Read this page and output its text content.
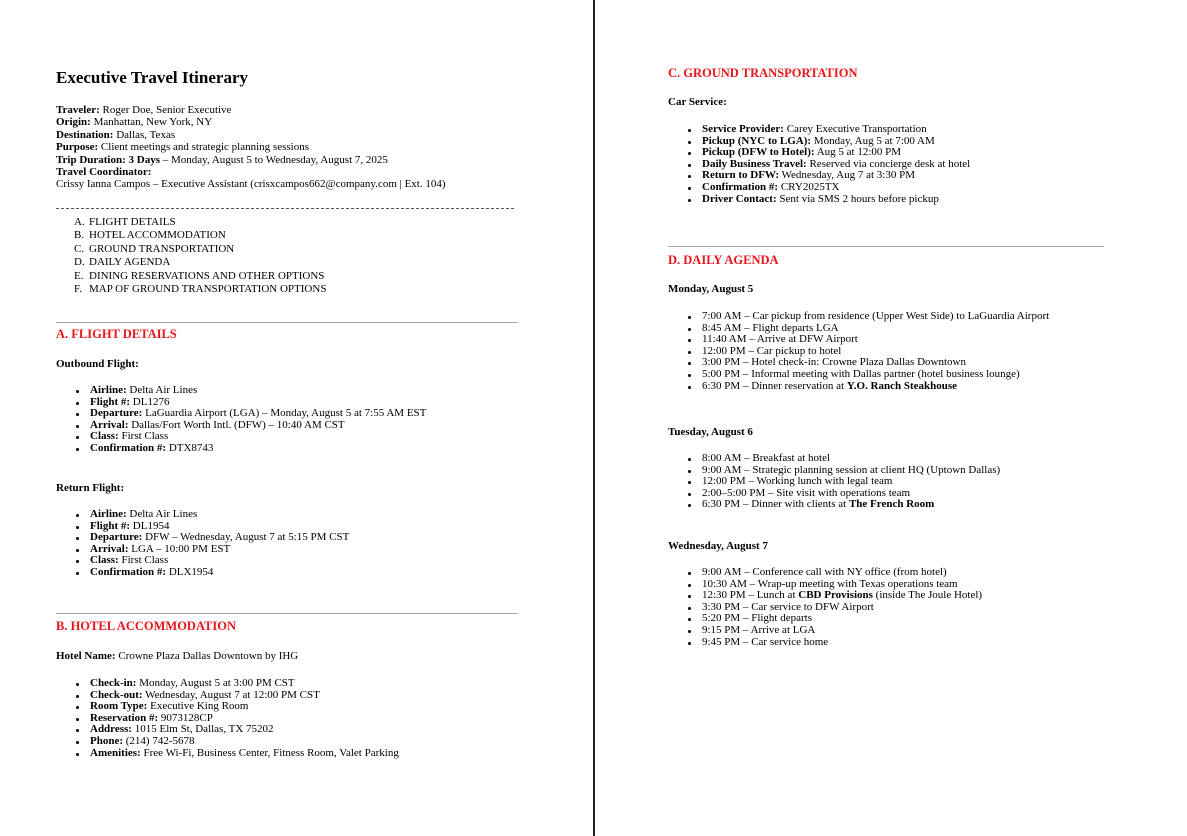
Executive Travel Itinerary
Traveler: Roger Doe, Senior Executive
Origin: Manhattan, New York, NY
Destination: Dallas, Texas
Purpose: Client meetings and strategic planning sessions
Trip Duration: 3 Days – Monday, August 5 to Wednesday, August 7, 2025
Travel Coordinator:
Crissy Ianna Campos – Executive Assistant (crisxcampos662@company.com | Ext. 104)
A. FLIGHT DETAILS
B. HOTEL ACCOMMODATION
C. GROUND TRANSPORTATION
D. DAILY AGENDA
E. DINING RESERVATIONS AND OTHER OPTIONS
F. MAP OF GROUND TRANSPORTATION OPTIONS
A. FLIGHT DETAILS
Outbound Flight:
Airline: Delta Air Lines
Flight #: DL1276
Departure: LaGuardia Airport (LGA) – Monday, August 5 at 7:55 AM EST
Arrival: Dallas/Fort Worth Intl. (DFW) – 10:40 AM CST
Class: First Class
Confirmation #: DTX8743
Return Flight:
Airline: Delta Air Lines
Flight #: DL1954
Departure: DFW – Wednesday, August 7 at 5:15 PM CST
Arrival: LGA – 10:00 PM EST
Class: First Class
Confirmation #: DLX1954
B. HOTEL ACCOMMODATION
Hotel Name: Crowne Plaza Dallas Downtown by IHG
Check-in: Monday, August 5 at 3:00 PM CST
Check-out: Wednesday, August 7 at 12:00 PM CST
Room Type: Executive King Room
Reservation #: 9073128CP
Address: 1015 Elm St, Dallas, TX 75202
Phone: (214) 742-5678
Amenities: Free Wi-Fi, Business Center, Fitness Room, Valet Parking
C. GROUND TRANSPORTATION
Car Service:
Service Provider: Carey Executive Transportation
Pickup (NYC to LGA): Monday, Aug 5 at 7:00 AM
Pickup (DFW to Hotel): Aug 5 at 12:00 PM
Daily Business Travel: Reserved via concierge desk at hotel
Return to DFW: Wednesday, Aug 7 at 3:30 PM
Confirmation #: CRY2025TX
Driver Contact: Sent via SMS 2 hours before pickup
D. DAILY AGENDA
Monday, August 5
7:00 AM – Car pickup from residence (Upper West Side) to LaGuardia Airport
8:45 AM – Flight departs LGA
11:40 AM – Arrive at DFW Airport
12:00 PM – Car pickup to hotel
3:00 PM – Hotel check-in: Crowne Plaza Dallas Downtown
5:00 PM – Informal meeting with Dallas partner (hotel business lounge)
6:30 PM – Dinner reservation at Y.O. Ranch Steakhouse
Tuesday, August 6
8:00 AM – Breakfast at hotel
9:00 AM – Strategic planning session at client HQ (Uptown Dallas)
12:00 PM – Working lunch with legal team
2:00–5:00 PM – Site visit with operations team
6:30 PM – Dinner with clients at The French Room
Wednesday, August 7
9:00 AM – Conference call with NY office (from hotel)
10:30 AM – Wrap-up meeting with Texas operations team
12:30 PM – Lunch at CBD Provisions (inside The Joule Hotel)
3:30 PM – Car service to DFW Airport
5:20 PM – Flight departs
9:15 PM – Arrive at LGA
9:45 PM – Car service home
